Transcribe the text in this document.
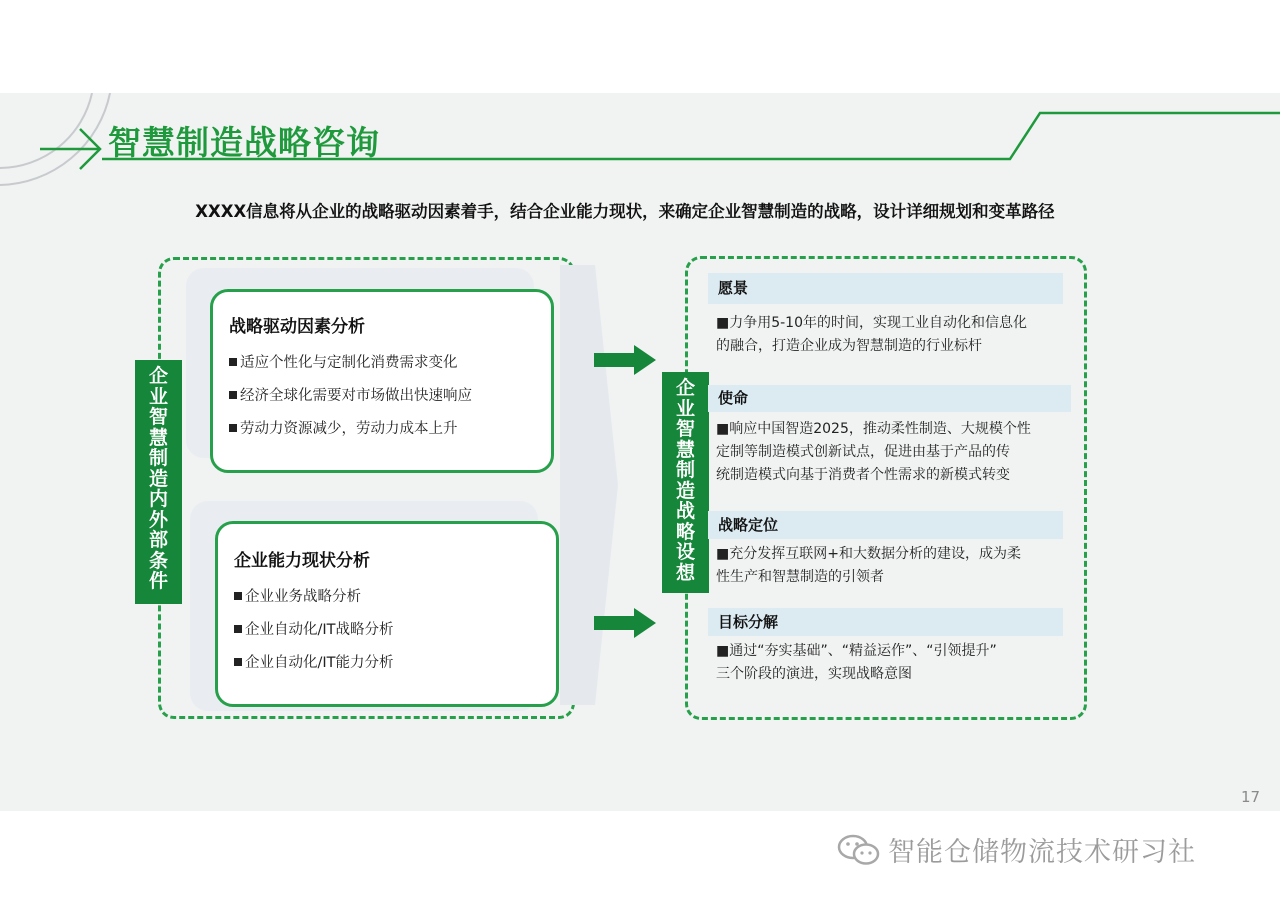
智慧制造战略咨询
XXXX信息将从企业的战略驱动因素着手，结合企业能力现状，来确定企业智慧制造的战略，设计详细规划和变革路径
战略驱动因素分析
适应个性化与定制化消费需求变化
经济全球化需要对市场做出快速响应
劳动力资源减少，劳动力成本上升
企业能力现状分析
企业业务战略分析
企业自动化/IT战略分析
企业自动化/IT能力分析
企
业
智
慧
制
造
内
外
部
条
件
企
业
智
慧
制
造
战
略
设
想
愿景
■力争用5-10年的时间，实现工业自动化和信息化
的融合，打造企业成为智慧制造的行业标杆
使命
■响应中国智造2025，推动柔性制造、大规模个性
定制等制造模式创新试点，促进由基于产品的传
统制造模式向基于消费者个性需求的新模式转变
战略定位
■充分发挥互联网+和大数据分析的建设，成为柔
性生产和智慧制造的引领者
目标分解
■通过“夯实基础”、“精益运作”、“引领提升”
三个阶段的演进，实现战略意图
17
智能仓储物流技术研习社
